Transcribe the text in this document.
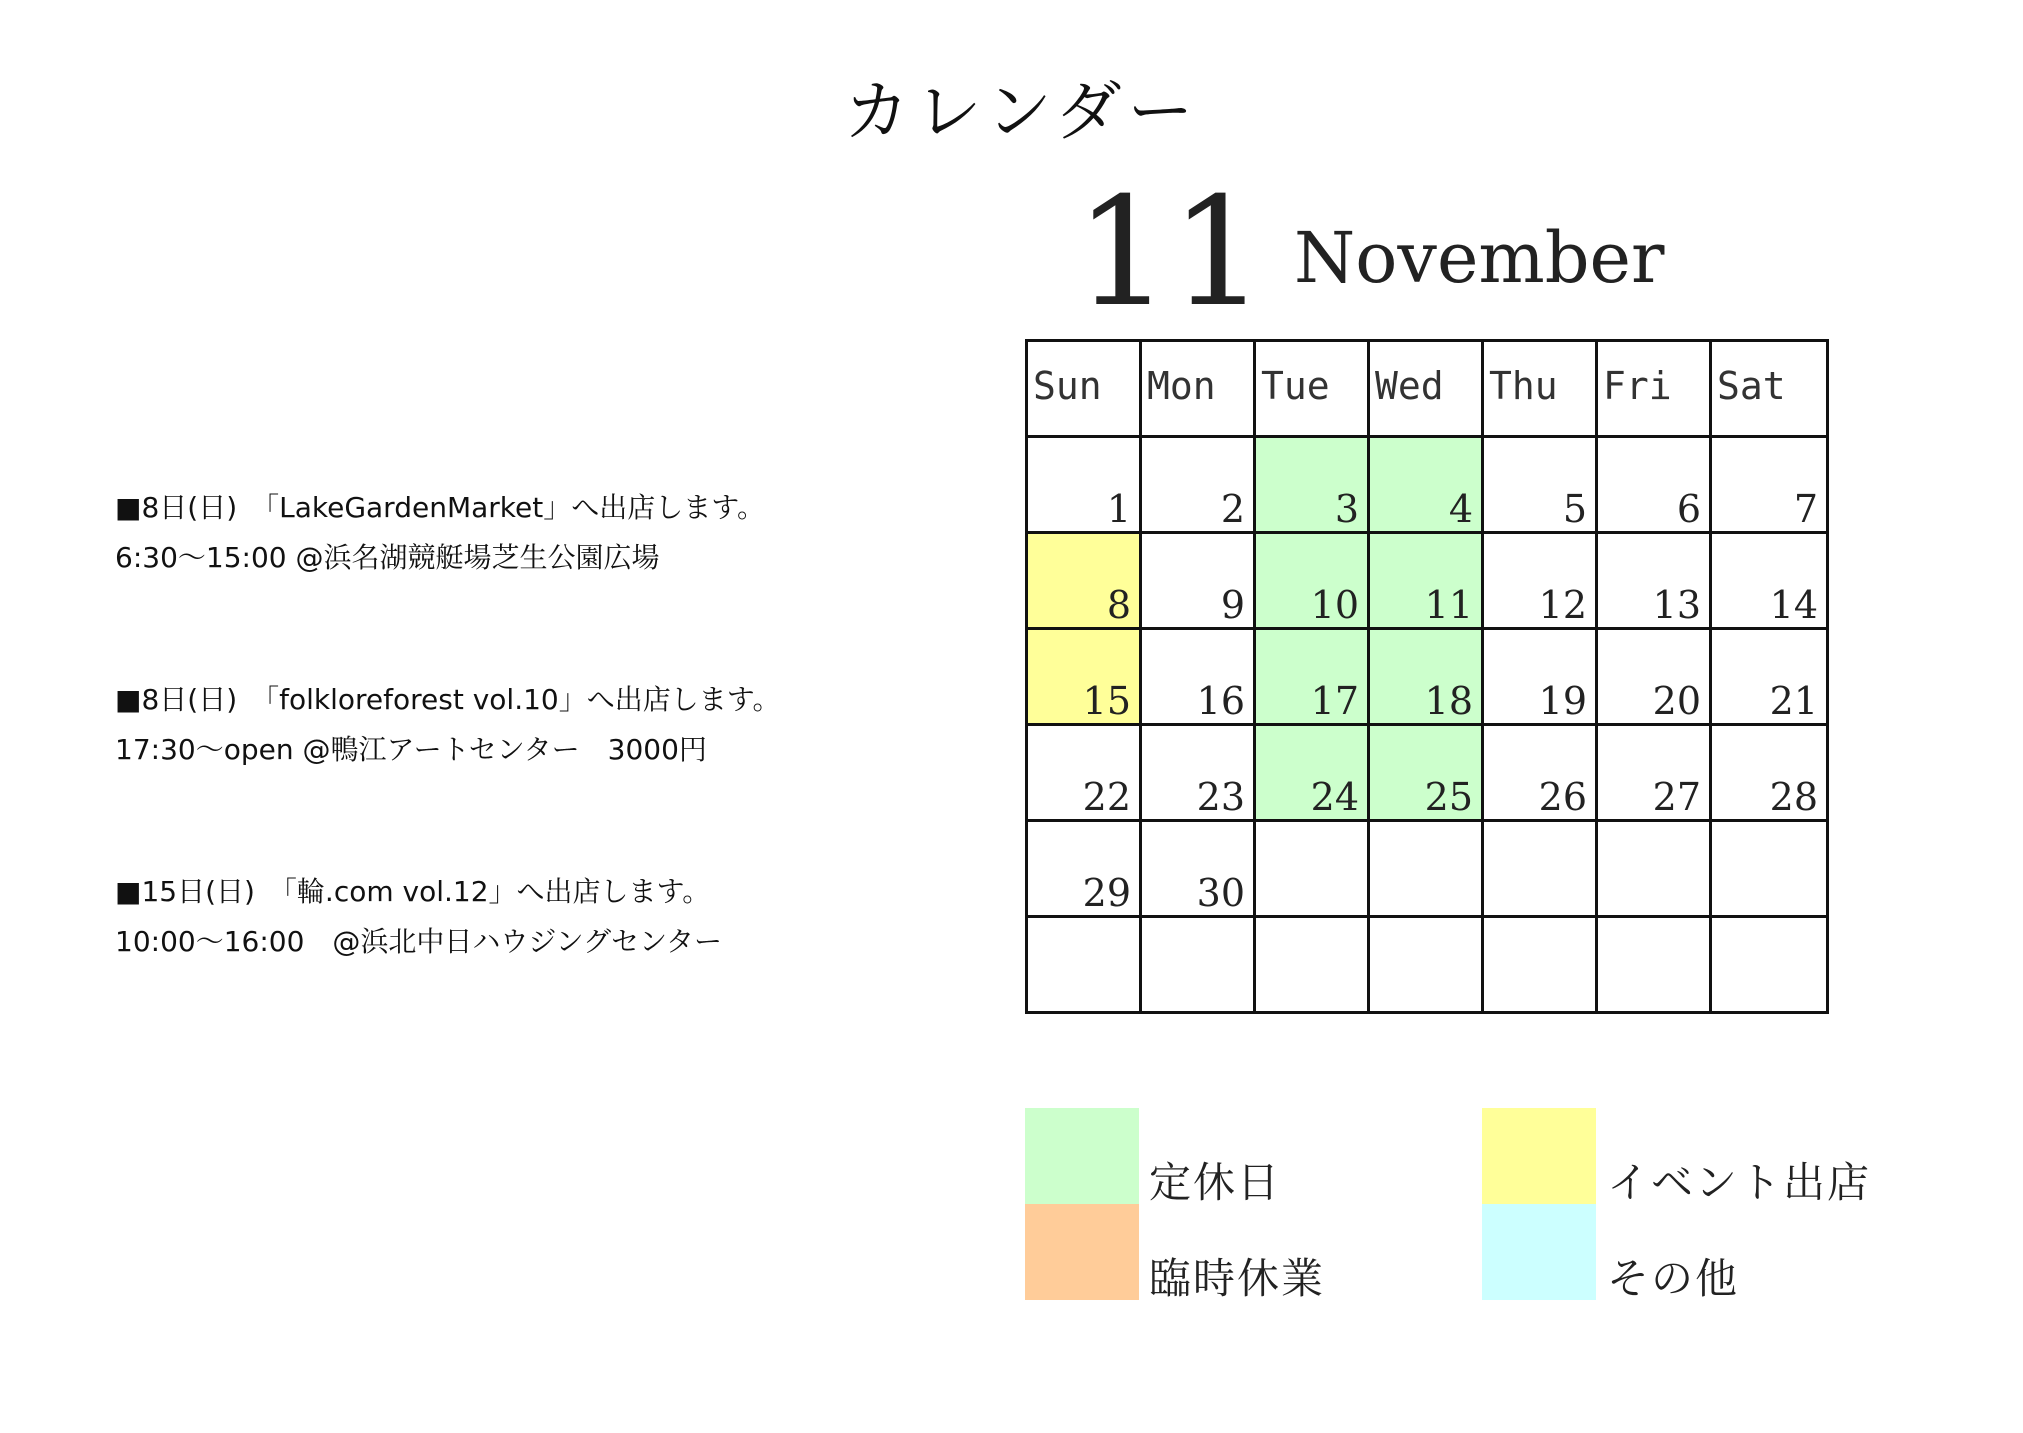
カレンダー
11 November
■8日(日)　「LakeGardenMarket」へ出店します。
6:30〜15:00 @浜名湖競艇場芝生公園広場
■8日(日)　「folkloreforest vol.10」へ出店します。
17:30〜open @鴨江アートセンター　3000円
■15日(日)　「輪.com vol.12」へ出店します。
10:00〜16:00　@浜北中日ハウジングセンター
Sun Mon Tue Wed Thu Fri Sat
1 2 3 4 5 6 7
8 9 10 11 12 13 14
15 16 17 18 19 20 21
22 23 24 25 26 27 28
29 30
定休日	イベント出店
臨時休業	その他
